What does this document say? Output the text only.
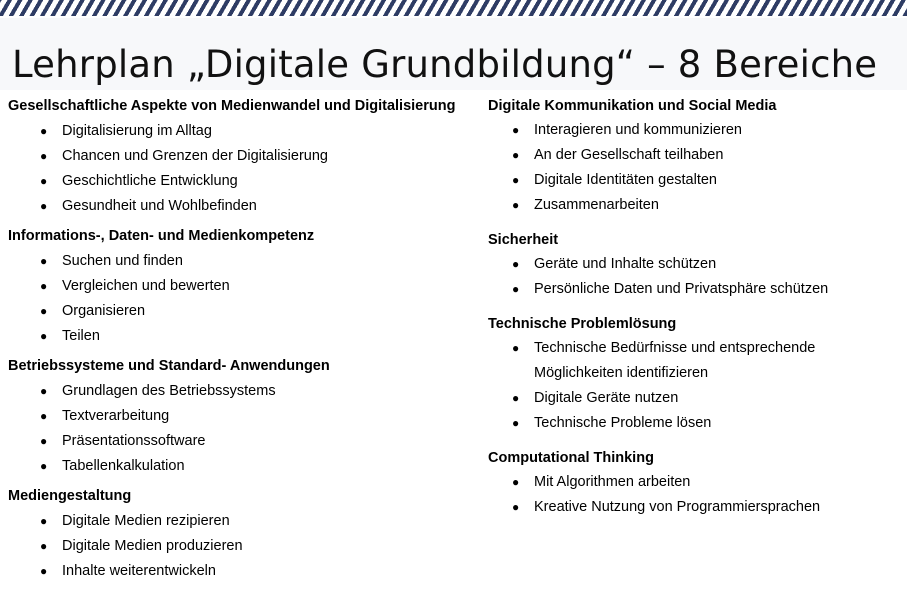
Lehrplan „Digitale Grundbildung“ – 8 Bereiche
Gesellschaftliche Aspekte von Medienwandel und Digitalisierung
● Digitalisierung im Alltag
● Chancen und Grenzen der Digitalisierung
● Geschichtliche Entwicklung
● Gesundheit und Wohlbefinden
Informations-, Daten- und Medienkompetenz
● Suchen und finden
● Vergleichen und bewerten
● Organisieren
● Teilen
Betriebssysteme und Standard- Anwendungen
● Grundlagen des Betriebssystems
● Textverarbeitung
● Präsentationssoftware
● Tabellenkalkulation
Mediengestaltung
● Digitale Medien rezipieren
● Digitale Medien produzieren
● Inhalte weiterentwickeln
Digitale Kommunikation und Social Media
● Interagieren und kommunizieren
● An der Gesellschaft teilhaben
● Digitale Identitäten gestalten
● Zusammenarbeiten
Sicherheit
● Geräte und Inhalte schützen
● Persönliche Daten und Privatsphäre schützen
Technische Problemlösung
● Technische Bedürfnisse und entsprechende Möglichkeiten identifizieren
● Digitale Geräte nutzen
● Technische Probleme lösen
Computational Thinking
● Mit Algorithmen arbeiten
● Kreative Nutzung von Programmiersprachen
